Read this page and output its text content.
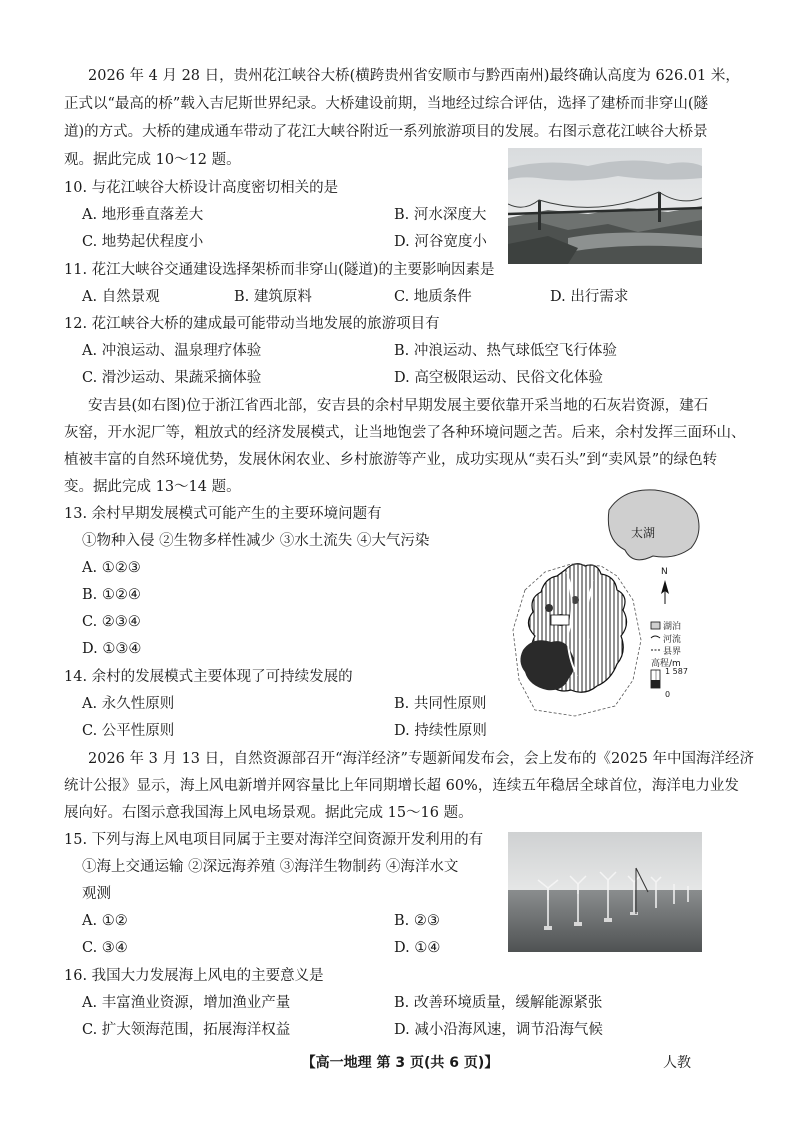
2026 年 4 月 28 日，贵州花江峡谷大桥(横跨贵州省安顺市与黔西南州)最终确认高度为 626.01 米，
正式以“最高的桥”载入吉尼斯世界纪录。大桥建设前期，当地经过综合评估，选择了建桥而非穿山(隧
道)的方式。大桥的建成通车带动了花江大峡谷附近一系列旅游项目的发展。右图示意花江峡谷大桥景
观。据此完成 10～12 题。
10. 与花江峡谷大桥设计高度密切相关的是
A. 地形垂直落差大	B. 河水深度大
C. 地势起伏程度小	D. 河谷宽度小
11. 花江大峡谷交通建设选择架桥而非穿山(隧道)的主要影响因素是
A. 自然景观	B. 建筑原料	C. 地质条件	D. 出行需求
12. 花江峡谷大桥的建成最可能带动当地发展的旅游项目有
A. 冲浪运动、温泉理疗体验	B. 冲浪运动、热气球低空飞行体验
C. 滑沙运动、果蔬采摘体验	D. 高空极限运动、民俗文化体验
安吉县(如右图)位于浙江省西北部，安吉县的余村早期发展主要依靠开采当地的石灰岩资源，建石
灰窑，开水泥厂等，粗放式的经济发展模式，让当地饱尝了各种环境问题之苦。后来，余村发挥三面环山、
植被丰富的自然环境优势，发展休闲农业、乡村旅游等产业，成功实现从“卖石头”到“卖风景”的绿色转
变。据此完成 13～14 题。
13. 余村早期发展模式可能产生的主要环境问题有
①物种入侵 ②生物多样性减少 ③水土流失 ④大气污染
A. ①②③
B. ①②④
C. ②③④
D. ①③④
太湖
N
湖泊
河流
县界
高程/m
1 587
0
14. 余村的发展模式主要体现了可持续发展的
A. 永久性原则	B. 共同性原则
C. 公平性原则	D. 持续性原则
2026 年 3 月 13 日，自然资源部召开“海洋经济”专题新闻发布会，会上发布的《2025 年中国海洋经济
统计公报》显示，海上风电新增并网容量比上年同期增长超 60%，连续五年稳居全球首位，海洋电力业发
展向好。右图示意我国海上风电场景观。据此完成 15～16 题。
15. 下列与海上风电项目同属于主要对海洋空间资源开发利用的有
①海上交通运输 ②深远海养殖 ③海洋生物制药 ④海洋水文
观测
A. ①②	B. ②③
C. ③④	D. ①④
16. 我国大力发展海上风电的主要意义是
A. 丰富渔业资源，增加渔业产量	B. 改善环境质量，缓解能源紧张
C. 扩大领海范围，拓展海洋权益	D. 减小沿海风速，调节沿海气候
【高一地理 第 3 页(共 6 页)】	人教
